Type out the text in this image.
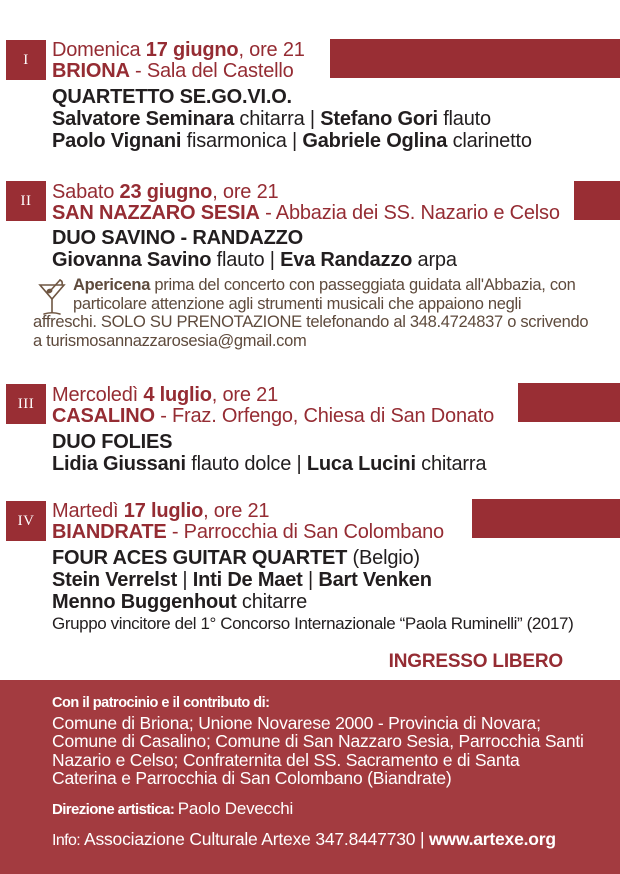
I Domenica 17 giugno, ore 21
BRIONA - Sala del Castello
QUARTETTO SE.GO.VI.O.
Salvatore Seminara chitarra | Stefano Gori flauto
Paolo Vignani fisarmonica | Gabriele Oglina clarinetto
II Sabato 23 giugno, ore 21
SAN NAZZARO SESIA - Abbazia dei SS. Nazario e Celso
DUO SAVINO - RANDAZZO
Giovanna Savino flauto | Eva Randazzo arpa
Apericena prima del concerto con passeggiata guidata all'Abbazia, con
particolare attenzione agli strumenti musicali che appaiono negli
affreschi. SOLO SU PRENOTAZIONE telefonando al 348.4724837 o scrivendo
a turismosannazzarosesia@gmail.com
III Mercoledì 4 luglio, ore 21
CASALINO - Fraz. Orfengo, Chiesa di San Donato
DUO FOLIES
Lidia Giussani flauto dolce | Luca Lucini chitarra
IV Martedì 17 luglio, ore 21
BIANDRATE - Parrocchia di San Colombano
FOUR ACES GUITAR QUARTET (Belgio)
Stein Verrelst | Inti De Maet | Bart Venken
Menno Buggenhout chitarre
Gruppo vincitore del 1° Concorso Internazionale “Paola Ruminelli” (2017)
INGRESSO LIBERO
Con il patrocinio e il contributo di:
Comune di Briona; Unione Novarese 2000 - Provincia di Novara;
Comune di Casalino; Comune di San Nazzaro Sesia, Parrocchia Santi
Nazario e Celso; Confraternita del SS. Sacramento e di Santa
Caterina e Parrocchia di San Colombano (Biandrate)
Direzione artistica: Paolo Devecchi
Info: Associazione Culturale Artexe 347.8447730 | www.artexe.org
